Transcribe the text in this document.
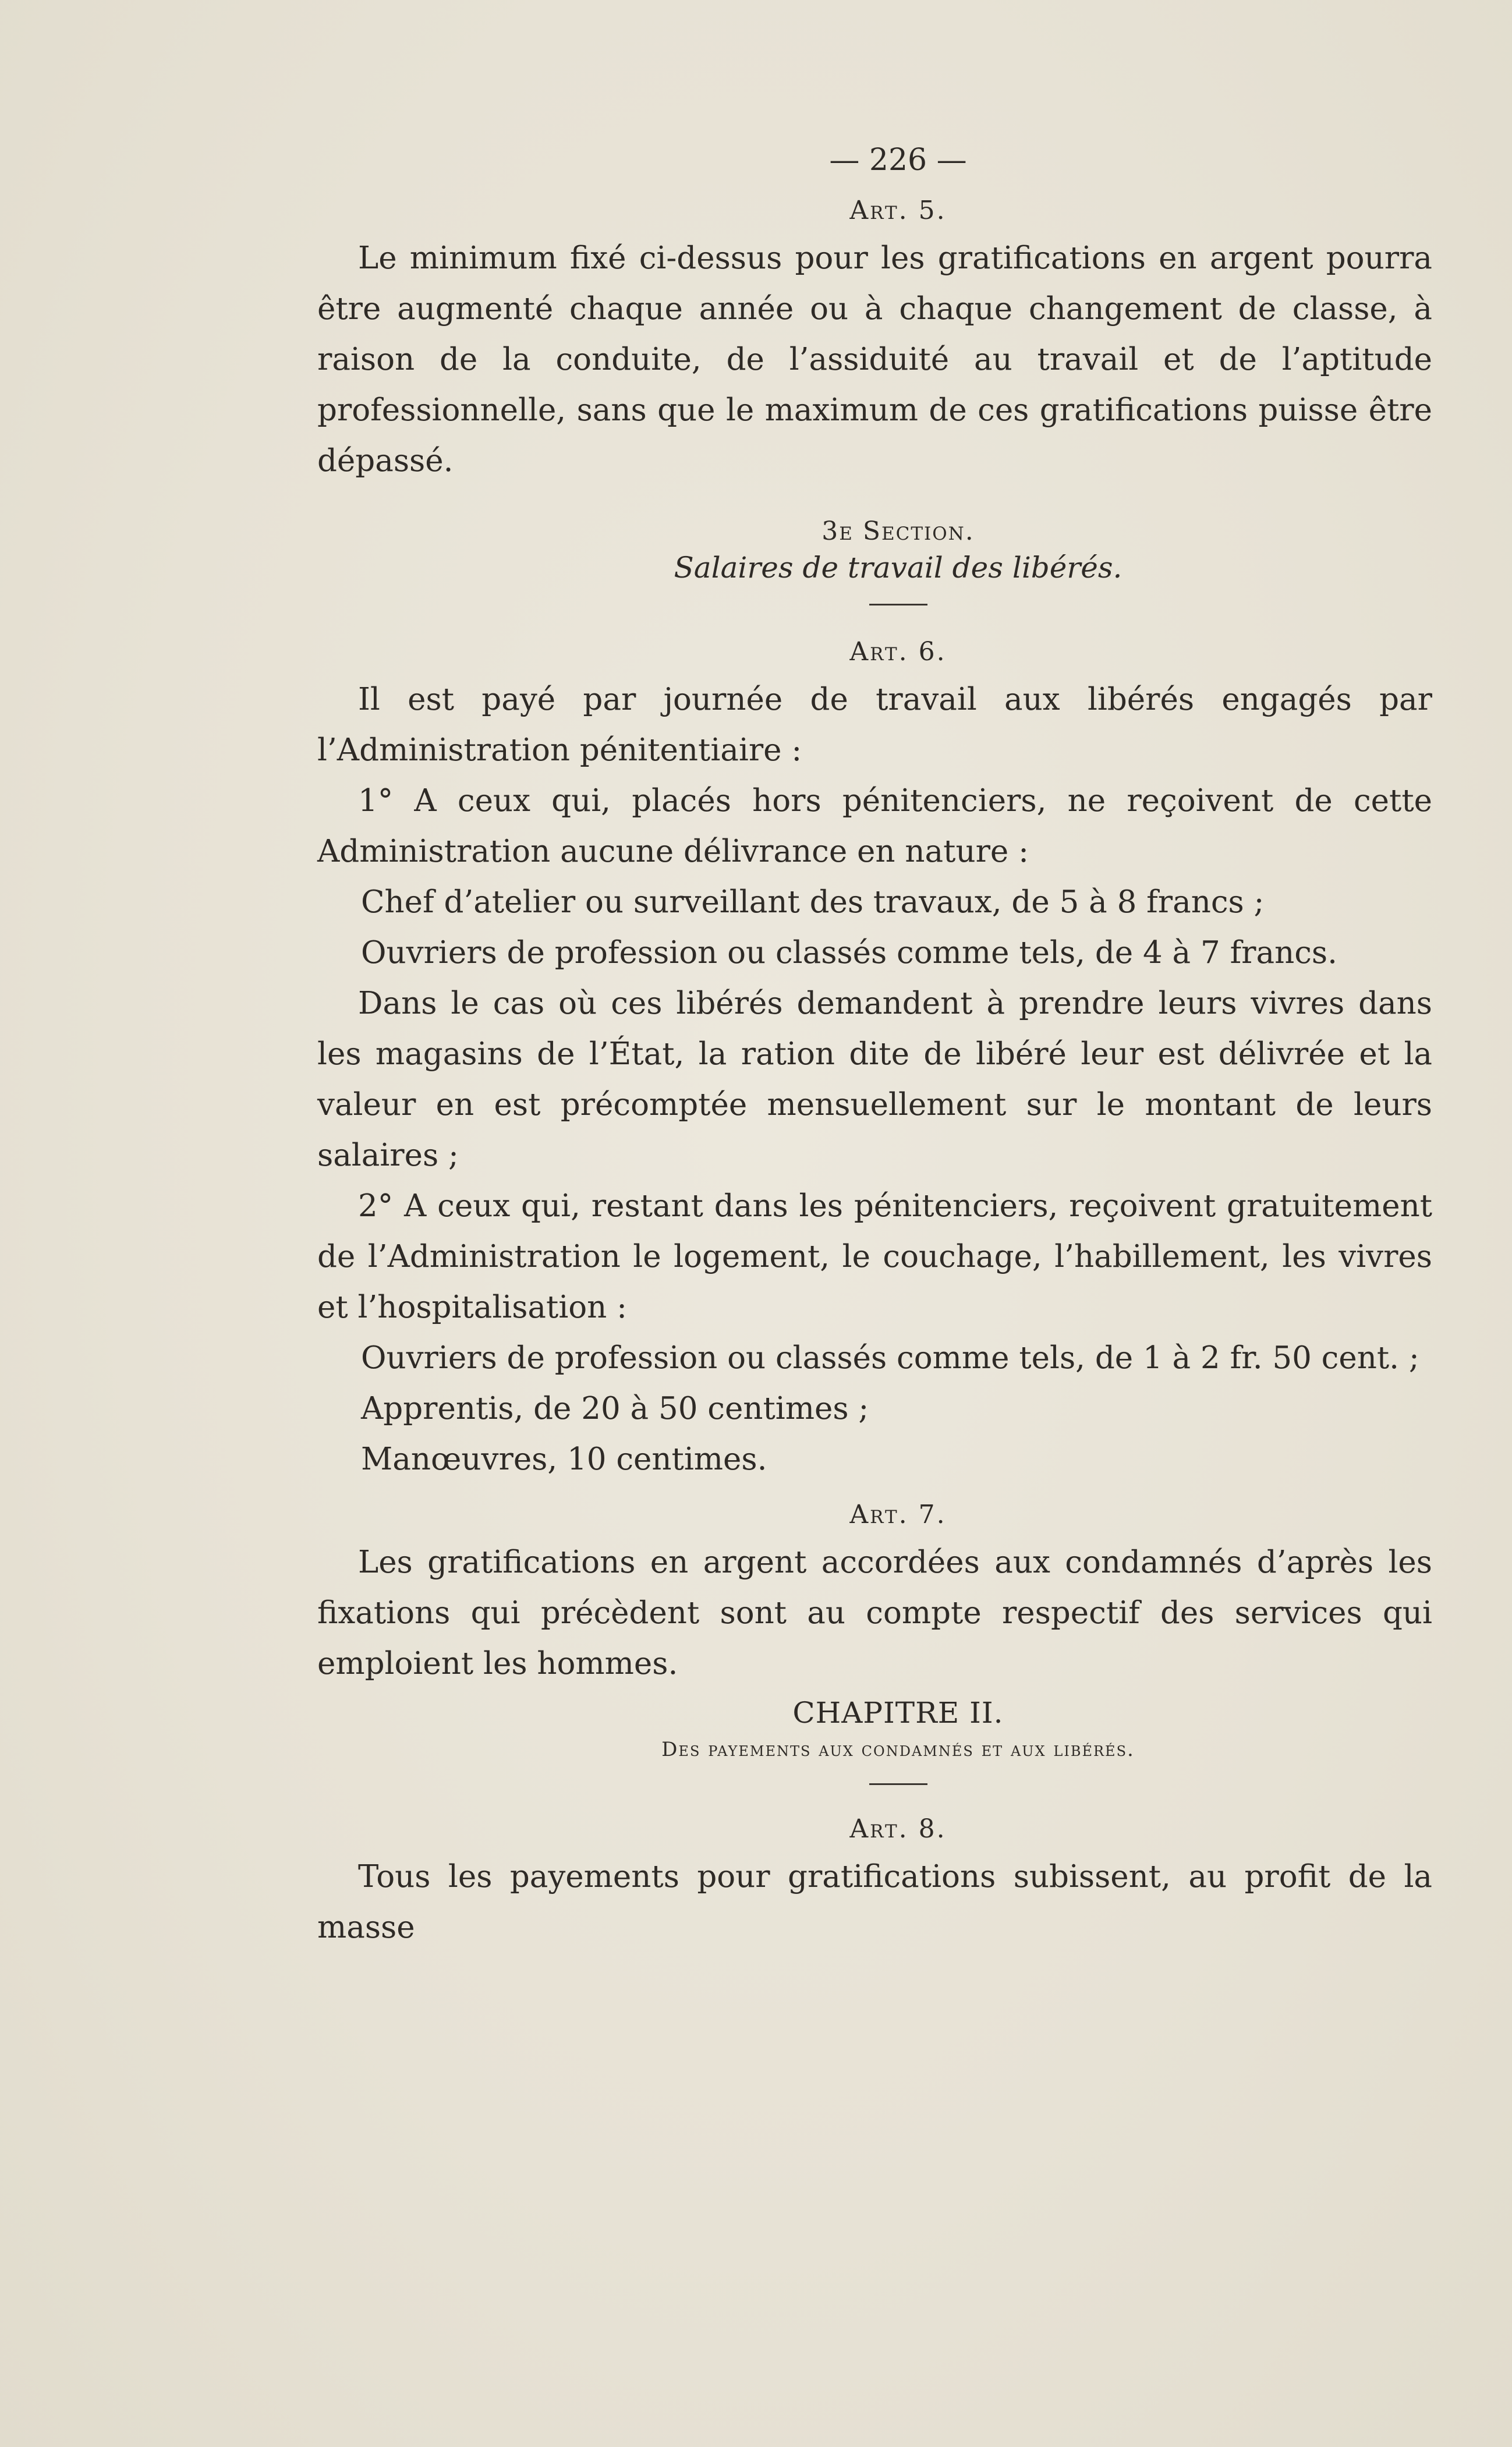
— 226 —
Art. 5.

Le minimum fixé ci-dessus pour les gratifications en argent pourra être augmenté chaque année ou à chaque changement de classe, à raison de la conduite, de l’assiduité au travail et de l’aptitude professionnelle, sans que le maximum de ces gratifications puisse être dépassé.

3e Section.
Salaires de travail des libérés.
Art. 6.

Il est payé par journée de travail aux libérés engagés par l’Administration pénitentiaire :

1° A ceux qui, placés hors pénitenciers, ne reçoivent de cette Administration aucune délivrance en nature :

Chef d’atelier ou surveillant des travaux, de 5 à 8 francs ;

Ouvriers de profession ou classés comme tels, de 4 à 7 francs.

Dans le cas où ces libérés demandent à prendre leurs vivres dans les magasins de l’État, la ration dite de libéré leur est délivrée et la valeur en est précomptée mensuellement sur le montant de leurs salaires ;

2° A ceux qui, restant dans les pénitenciers, reçoivent gratuitement de l’Administration le logement, le couchage, l’habillement, les vivres et l’hospitalisation :

Ouvriers de profession ou classés comme tels, de 1 à 2 fr. 50 cent. ;

Apprentis, de 20 à 50 centimes ;

Manœuvres, 10 centimes.

Art. 7.

Les gratifications en argent accordées aux condamnés d’après les fixations qui précèdent sont au compte respectif des services qui emploient les hommes.

CHAPITRE II.
Des payements aux condamnés et aux libérés.
Art. 8.

Tous les payements pour gratifications subissent, au profit de la masse
